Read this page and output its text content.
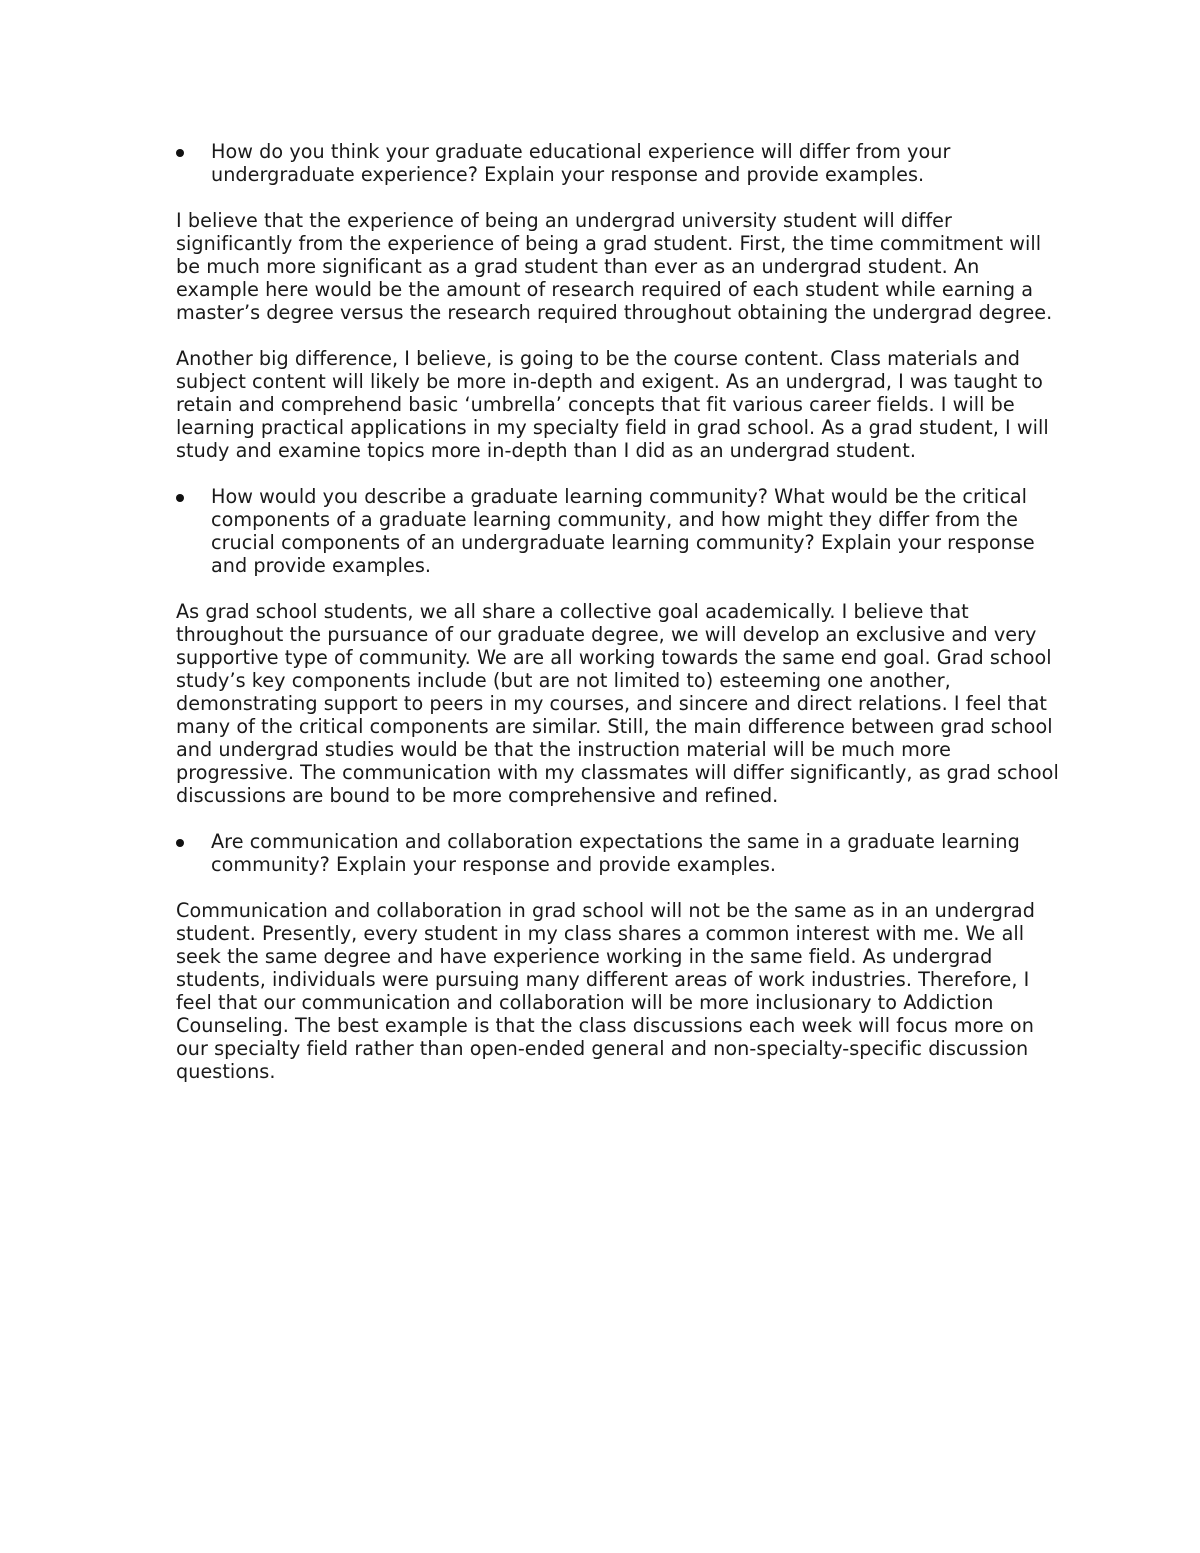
How do you think your graduate educational experience will differ from your undergraduate experience? Explain your response and provide examples.

I believe that the experience of being an undergrad university student will differ significantly from the experience of being a grad student. First, the time commitment will be much more significant as a grad student than ever as an undergrad student. An example here would be the amount of research required of each student while earning a master’s degree versus the research required throughout obtaining the undergrad degree.

Another big difference, I believe, is going to be the course content. Class materials and subject content will likely be more in-depth and exigent. As an undergrad, I was taught to retain and comprehend basic ‘umbrella’ concepts that fit various career fields. I will be learning practical applications in my specialty field in grad school. As a grad student, I will study and examine topics more in-depth than I did as an undergrad student.

How would you describe a graduate learning community? What would be the critical components of a graduate learning community, and how might they differ from the crucial components of an undergraduate learning community? Explain your response and provide examples.

As grad school students, we all share a collective goal academically. I believe that throughout the pursuance of our graduate degree, we will develop an exclusive and very supportive type of community. We are all working towards the same end goal. Grad school study’s key components include (but are not limited to) esteeming one another, demonstrating support to peers in my courses, and sincere and direct relations. I feel that many of the critical components are similar. Still, the main difference between grad school and undergrad studies would be that the instruction material will be much more progressive. The communication with my classmates will differ significantly, as grad school discussions are bound to be more comprehensive and refined.

Are communication and collaboration expectations the same in a graduate learning community? Explain your response and provide examples.

Communication and collaboration in grad school will not be the same as in an undergrad student. Presently, every student in my class shares a common interest with me. We all seek the same degree and have experience working in the same field. As undergrad students, individuals were pursuing many different areas of work industries. Therefore, I feel that our communication and collaboration will be more inclusionary to Addiction Counseling. The best example is that the class discussions each week will focus more on our specialty field rather than open-ended general and non-specialty-specific discussion questions.
